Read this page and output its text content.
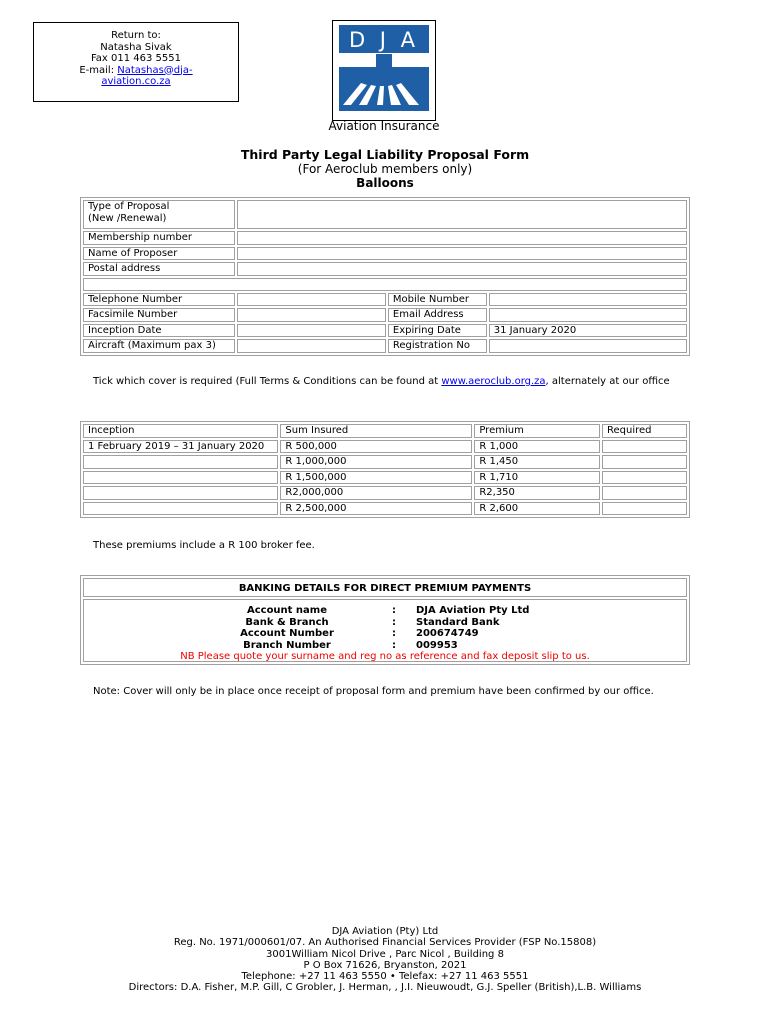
Return to:
Natasha Sivak
Fax 011 463 5551
E-mail: Natashas@dja-
aviation.co.za
D J A
Aviation Insurance
Third Party Legal Liability Proposal Form
(For Aeroclub members only)
Balloons
Type of Proposal
(New /Renewal)			

Membership number			
Name of Proposer			
Postal address			

Telephone Number		Mobile Number	
Facsimile Number		Email Address	
Inception Date		Expiring Date	31 January 2020
Aircraft (Maximum pax 3)		Registration No	
Tick which cover is required (Full Terms & Conditions can be found at www.aeroclub.org.za, alternately at our office
Inception	Sum Insured	Premium	Required
1 February 2019 – 31 January 2020	R 500,000	R 1,000	
	R 1,000,000	R 1,450	
	R 1,500,000	R 1,710	
	R2,000,000	R2,350	
	R 2,500,000	R 2,600	
These premiums include a R 100 broker fee.
BANKING DETAILS FOR DIRECT PREMIUM PAYMENTS
Account name	: DJA Aviation Pty Ltd
Bank & Branch	: Standard Bank
Account Number	: 200674749
Branch Number	: 009953
NB Please quote your surname and reg no as reference and fax deposit slip to us.
Note: Cover will only be in place once receipt of proposal form and premium have been confirmed by our office.
DJA Aviation (Pty) Ltd
Reg. No. 1971/000601/07. An Authorised Financial Services Provider (FSP No.15808)
3001William Nicol Drive , Parc Nicol , Building 8
P O Box 71626, Bryanston, 2021
Telephone: +27 11 463 5550 • Telefax: +27 11 463 5551
Directors: D.A. Fisher, M.P. Gill, C Grobler, J. Herman, , J.I. Nieuwoudt, G.J. Speller (British),L.B. Williams
